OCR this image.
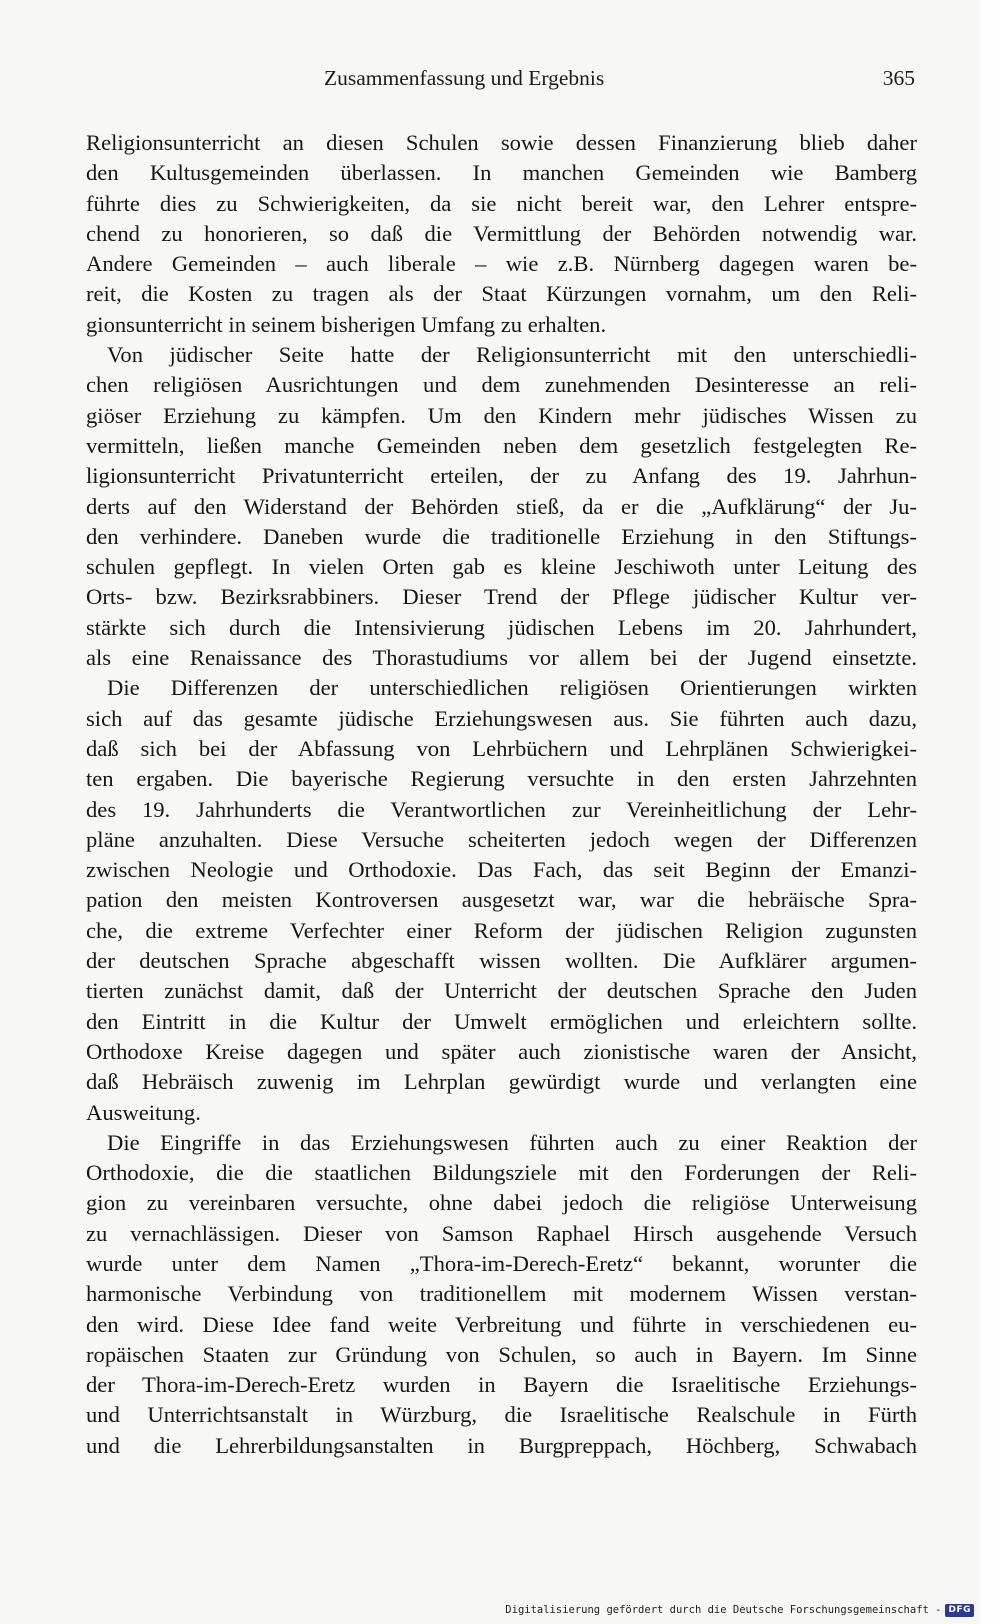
Zusammenfassung und Ergebnis	365
Religionsunterricht an diesen Schulen sowie dessen Finanzierung blieb daher
den Kultusgemeinden überlassen. In manchen Gemeinden wie Bamberg
führte dies zu Schwierigkeiten, da sie nicht bereit war, den Lehrer entspre-
chend zu honorieren, so daß die Vermittlung der Behörden notwendig war.
Andere Gemeinden – auch liberale – wie z.B. Nürnberg dagegen waren be-
reit, die Kosten zu tragen als der Staat Kürzungen vornahm, um den Reli-
gionsunterricht in seinem bisherigen Umfang zu erhalten.
Von jüdischer Seite hatte der Religionsunterricht mit den unterschiedli-
chen religiösen Ausrichtungen und dem zunehmenden Desinteresse an reli-
giöser Erziehung zu kämpfen. Um den Kindern mehr jüdisches Wissen zu
vermitteln, ließen manche Gemeinden neben dem gesetzlich festgelegten Re-
ligionsunterricht Privatunterricht erteilen, der zu Anfang des 19. Jahrhun-
derts auf den Widerstand der Behörden stieß, da er die „Aufklärung“ der Ju-
den verhindere. Daneben wurde die traditionelle Erziehung in den Stiftungs-
schulen gepflegt. In vielen Orten gab es kleine Jeschiwoth unter Leitung des
Orts- bzw. Bezirksrabbiners. Dieser Trend der Pflege jüdischer Kultur ver-
stärkte sich durch die Intensivierung jüdischen Lebens im 20. Jahrhundert,
als eine Renaissance des Thorastudiums vor allem bei der Jugend einsetzte.
Die Differenzen der unterschiedlichen religiösen Orientierungen wirkten
sich auf das gesamte jüdische Erziehungswesen aus. Sie führten auch dazu,
daß sich bei der Abfassung von Lehrbüchern und Lehrplänen Schwierigkei-
ten ergaben. Die bayerische Regierung versuchte in den ersten Jahrzehnten
des 19. Jahrhunderts die Verantwortlichen zur Vereinheitlichung der Lehr-
pläne anzuhalten. Diese Versuche scheiterten jedoch wegen der Differenzen
zwischen Neologie und Orthodoxie. Das Fach, das seit Beginn der Emanzi-
pation den meisten Kontroversen ausgesetzt war, war die hebräische Spra-
che, die extreme Verfechter einer Reform der jüdischen Religion zugunsten
der deutschen Sprache abgeschafft wissen wollten. Die Aufklärer argumen-
tierten zunächst damit, daß der Unterricht der deutschen Sprache den Juden
den Eintritt in die Kultur der Umwelt ermöglichen und erleichtern sollte.
Orthodoxe Kreise dagegen und später auch zionistische waren der Ansicht,
daß Hebräisch zuwenig im Lehrplan gewürdigt wurde und verlangten eine
Ausweitung.
Die Eingriffe in das Erziehungswesen führten auch zu einer Reaktion der
Orthodoxie, die die staatlichen Bildungsziele mit den Forderungen der Reli-
gion zu vereinbaren versuchte, ohne dabei jedoch die religiöse Unterweisung
zu vernachlässigen. Dieser von Samson Raphael Hirsch ausgehende Versuch
wurde unter dem Namen „Thora-im-Derech-Eretz“ bekannt, worunter die
harmonische Verbindung von traditionellem mit modernem Wissen verstan-
den wird. Diese Idee fand weite Verbreitung und führte in verschiedenen eu-
ropäischen Staaten zur Gründung von Schulen, so auch in Bayern. Im Sinne
der Thora-im-Derech-Eretz wurden in Bayern die Israelitische Erziehungs-
und Unterrichtsanstalt in Würzburg, die Israelitische Realschule in Fürth
und die Lehrerbildungsanstalten in Burgpreppach, Höchberg, Schwabach
Digitalisierung gefördert durch die Deutsche Forschungsgemeinschaft - DFG
